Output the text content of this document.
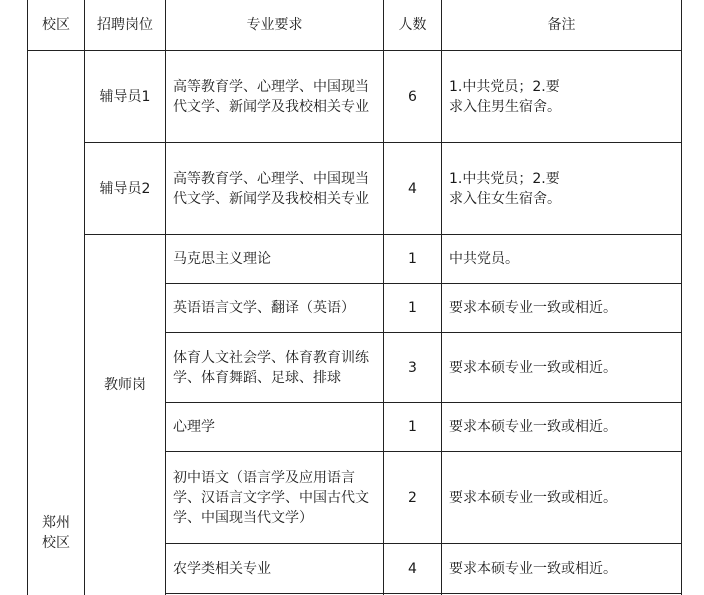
校区	招聘岗位	专业要求	人数	备注
郑州校区	辅导员1	高等教育学、心理学、中国现当代文学、新闻学及我校相关专业	6	1.中共党员；2.要求入住男生宿舍。
	辅导员2	高等教育学、心理学、中国现当代文学、新闻学及我校相关专业	4	1.中共党员；2.要求入住女生宿舍。
	教师岗	马克思主义理论	1	中共党员。
		英语语言文学、翻译（英语）	1	要求本硕专业一致或相近。
		体育人文社会学、体育教育训练学、体育舞蹈、足球、排球	3	要求本硕专业一致或相近。
		心理学	1	要求本硕专业一致或相近。
		初中语文（语言学及应用语言学、汉语言文字学、中国古代文学、中国现当代文学）	2	要求本硕专业一致或相近。
		农学类相关专业	4	要求本硕专业一致或相近。
